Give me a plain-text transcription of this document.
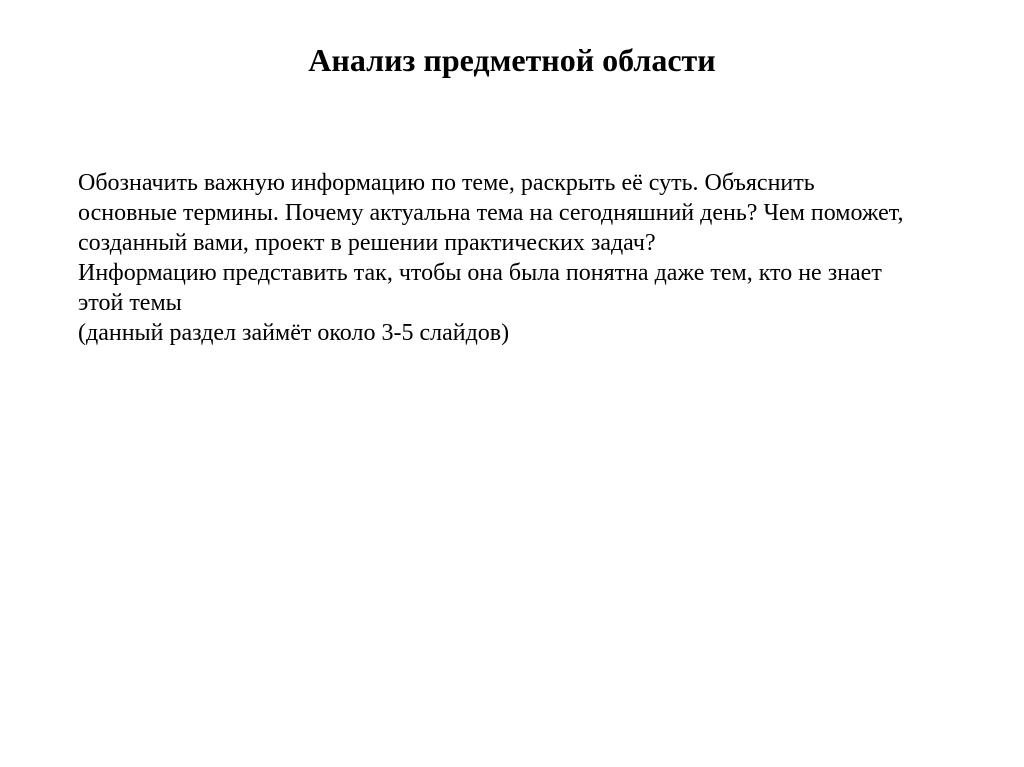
Анализ предметной области
Обозначить важную информацию по теме, раскрыть её суть. Объяснить
основные термины. Почему актуальна тема на сегодняшний день? Чем поможет,
созданный вами, проект в решении практических задач?
Информацию представить так, чтобы она была понятна даже тем, кто не знает
этой темы
(данный раздел займёт около 3-5 слайдов)
